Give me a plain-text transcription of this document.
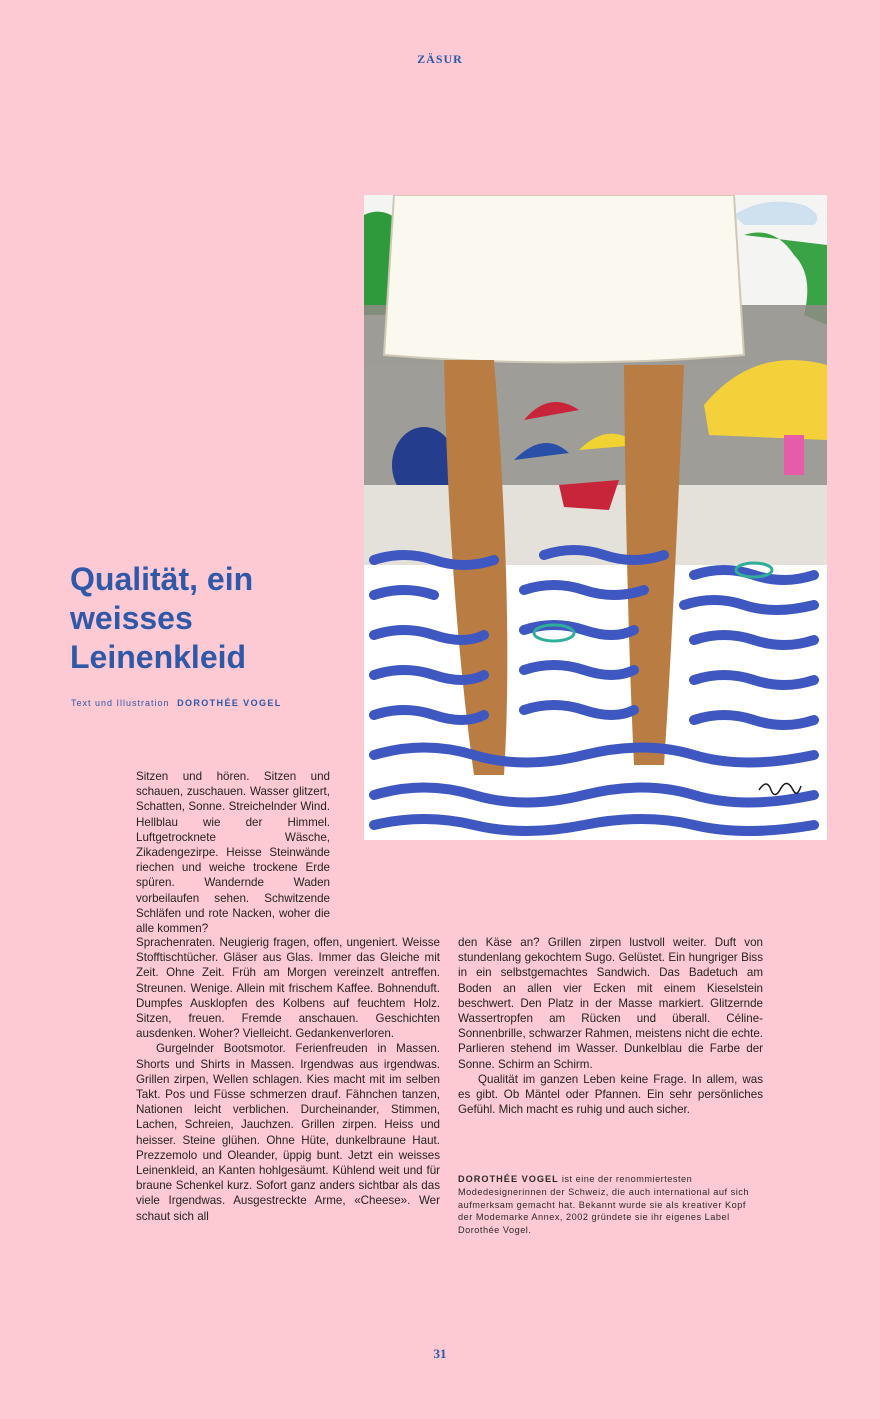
ZÄSUR
Qualität, ein weisses Leinenkleid
Text und Illustration DOROTHÉE VOGEL

Sitzen und hören. Sitzen und schauen, zuschauen. Wasser glitzert, Schatten, Sonne. Streichelnder Wind. Hellblau wie der Himmel. Luftgetrocknete Wäsche, Zikadengezirpe. Heisse Steinwände riechen und weiche trockene Erde spüren. Wandernde Waden vorbeilaufen sehen. Schwitzende Schläfen und rote Nacken, woher die alle kommen?

Sprachenraten. Neugierig fragen, offen, ungeniert. Weisse Stofftischtücher. Gläser aus Glas. Immer das Gleiche mit Zeit. Ohne Zeit. Früh am Morgen vereinzelt antreffen. Streunen. Wenige. Allein mit frischem Kaffee. Bohnenduft. Dumpfes Ausklopfen des Kolbens auf feuchtem Holz. Sitzen, freuen. Fremde anschauen. Geschichten ausdenken. Woher? Vielleicht. Gedankenverloren.

Gurgelnder Bootsmotor. Ferienfreuden in Massen. Shorts und Shirts in Massen. Irgendwas aus irgendwas. Grillen zirpen, Wellen schlagen. Kies macht mit im selben Takt. Pos und Füsse schmerzen drauf. Fähnchen tanzen, Nationen leicht verblichen. Durcheinander, Stimmen, Lachen, Schreien, Jauchzen. Grillen zirpen. Heiss und heisser. Steine glühen. Ohne Hüte, dunkelbraune Haut. Prezzemolo und Oleander, üppig bunt. Jetzt ein weisses Leinenkleid, an Kanten hohlgesäumt. Kühlend weit und für braune Schenkel kurz. Sofort ganz anders sichtbar als das viele Irgendwas. Ausgestreckte Arme, «Cheese». Wer schaut sich all

den Käse an? Grillen zirpen lustvoll weiter. Duft von stundenlang gekochtem Sugo. Gelüstet. Ein hungriger Biss in ein selbstgemachtes Sandwich. Das Badetuch am Boden an allen vier Ecken mit einem Kieselstein beschwert. Den Platz in der Masse markiert. Glitzernde Wassertropfen am Rücken und überall. Céline-Sonnenbrille, schwarzer Rahmen, meistens nicht die echte. Parlieren stehend im Wasser. Dunkelblau die Farbe der Sonne. Schirm an Schirm.

Qualität im ganzen Leben keine Frage. In allem, was es gibt. Ob Mäntel oder Pfannen. Ein sehr persönliches Gefühl. Mich macht es ruhig und auch sicher.

DOROTHÉE VOGEL ist eine der renommiertesten Modedesignerinnen der Schweiz, die auch international auf sich aufmerksam gemacht hat. Bekannt wurde sie als kreativer Kopf der Modemarke Annex, 2002 gründete sie ihr eigenes Label Dorothée Vogel.
31
